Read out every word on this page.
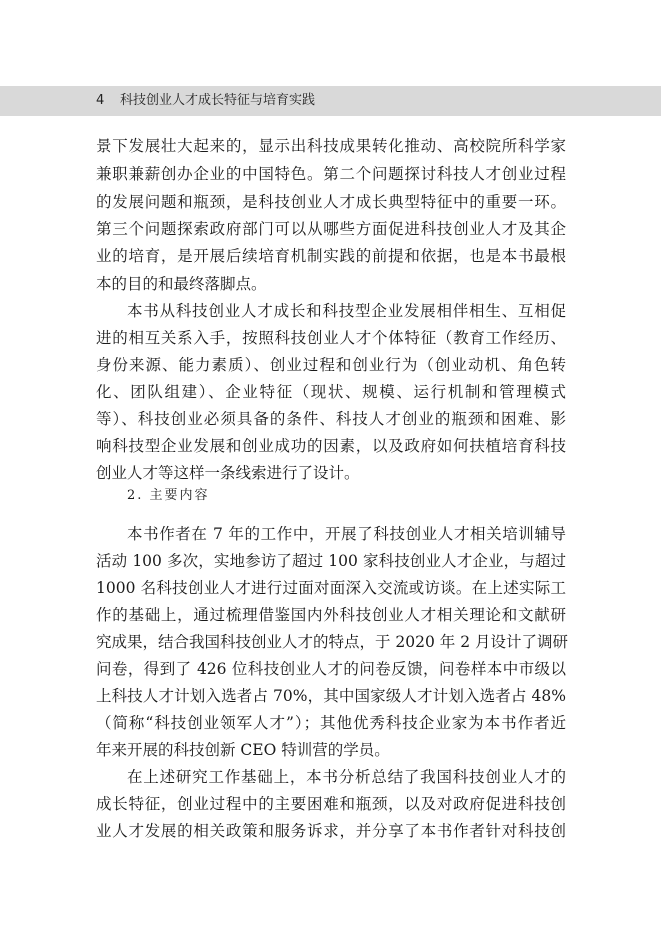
4 科技创业人才成长特征与培育实践
景下发展壮大起来的，显示出科技成果转化推动、高校院所科学家
兼职兼薪创办企业的中国特色。第二个问题探讨科技人才创业过程
的发展问题和瓶颈，是科技创业人才成长典型特征中的重要一环。
第三个问题探索政府部门可以从哪些方面促进科技创业人才及其企
业的培育，是开展后续培育机制实践的前提和依据，也是本书最根
本的目的和最终落脚点。
本书从科技创业人才成长和科技型企业发展相伴相生、互相促
进的相互关系入手，按照科技创业人才个体特征（教育工作经历、
身份来源、能力素质）、创业过程和创业行为（创业动机、角色转
化、团队组建）、企业特征（现状、规模、运行机制和管理模式
等）、科技创业必须具备的条件、科技人才创业的瓶颈和困难、影
响科技型企业发展和创业成功的因素，以及政府如何扶植培育科技
创业人才等这样一条线索进行了设计。
2. 主要内容
本书作者在 7 年的工作中，开展了科技创业人才相关培训辅导
活动 100 多次，实地参访了超过 100 家科技创业人才企业，与超过
1000 名科技创业人才进行过面对面深入交流或访谈。在上述实际工
作的基础上，通过梳理借鉴国内外科技创业人才相关理论和文献研
究成果，结合我国科技创业人才的特点，于 2020 年 2 月设计了调研
问卷，得到了 426 位科技创业人才的问卷反馈，问卷样本中市级以
上科技人才计划入选者占 70%，其中国家级人才计划入选者占 48%
（简称“科技创业领军人才”）；其他优秀科技企业家为本书作者近
年来开展的科技创新 CEO 特训营的学员。
在上述研究工作基础上，本书分析总结了我国科技创业人才的
成长特征，创业过程中的主要困难和瓶颈，以及对政府促进科技创
业人才发展的相关政策和服务诉求，并分享了本书作者针对科技创
